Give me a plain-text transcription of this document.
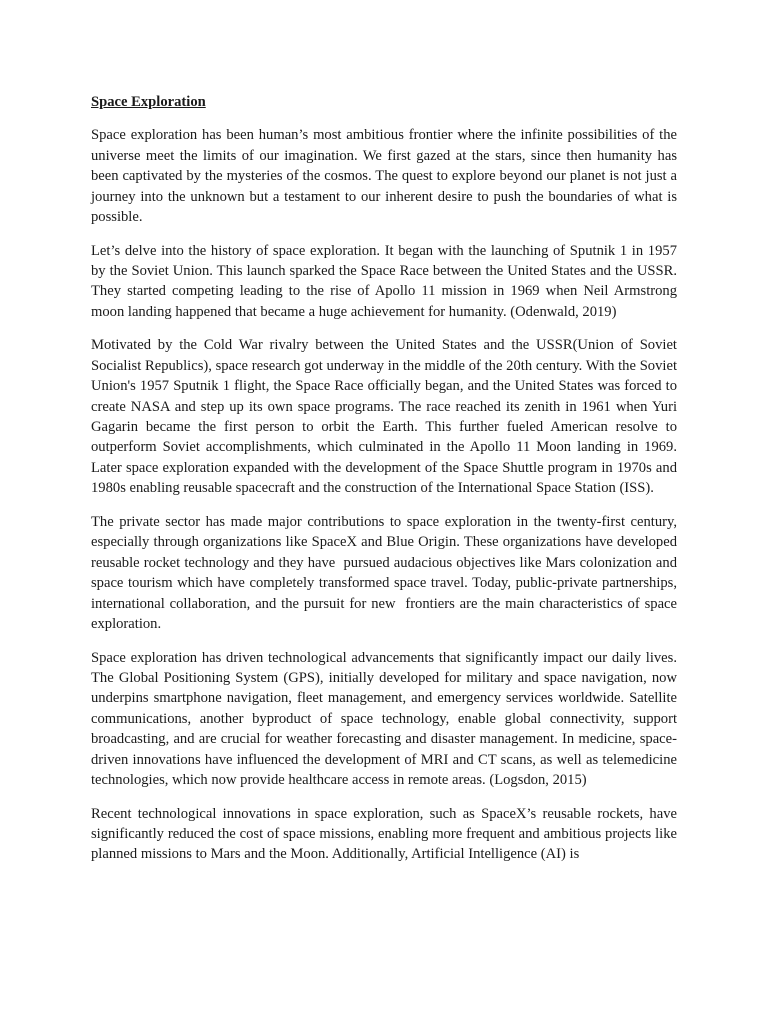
Space Exploration

Space exploration has been human’s most ambitious frontier where the infinite possibilities of the universe meet the limits of our imagination. We first gazed at the stars, since then humanity has been captivated by the mysteries of the cosmos. The quest to explore beyond our planet is not just a journey into the unknown but a testament to our inherent desire to push the boundaries of what is possible.

Let’s delve into the history of space exploration. It began with the launching of Sputnik 1 in 1957 by the Soviet Union. This launch sparked the Space Race between the United States and the USSR. They started competing leading to the rise of Apollo 11 mission in 1969 when Neil Armstrong moon landing happened that became a huge achievement for humanity. (Odenwald, 2019)

Motivated by the Cold War rivalry between the United States and the USSR(Union of Soviet Socialist Republics), space research got underway in the middle of the 20th century. With the Soviet Union's 1957 Sputnik 1 flight, the Space Race officially began, and the United States was forced to create NASA and step up its own space programs. The race reached its zenith in 1961 when Yuri Gagarin became the first person to orbit the Earth. This further fueled American resolve to outperform Soviet accomplishments, which culminated in the Apollo 11 Moon landing in 1969. Later space exploration expanded with the development of the Space Shuttle program in 1970s and 1980s enabling reusable spacecraft and the construction of the International Space Station (ISS).

The private sector has made major contributions to space exploration in the twenty-first century, especially through organizations like SpaceX and Blue Origin. These organizations have developed  reusable rocket technology and they have  pursued audacious objectives like Mars colonization and space tourism which have completely transformed space travel. Today, public-private partnerships, international collaboration, and the pursuit for new  frontiers are the main characteristics of space exploration.

Space exploration has driven technological advancements that significantly impact our daily lives. The Global Positioning System (GPS), initially developed for military and space navigation, now underpins smartphone navigation, fleet management, and emergency services worldwide. Satellite communications, another byproduct of space technology, enable global connectivity, support broadcasting, and are crucial for weather forecasting and disaster management. In medicine, space-driven innovations have influenced the development of MRI and CT scans, as well as telemedicine technologies, which now provide healthcare access in remote areas. (Logsdon, 2015)

Recent technological innovations in space exploration, such as SpaceX’s reusable rockets, have significantly reduced the cost of space missions, enabling more frequent and ambitious projects like planned missions to Mars and the Moon. Additionally, Artificial Intelligence (AI) is
